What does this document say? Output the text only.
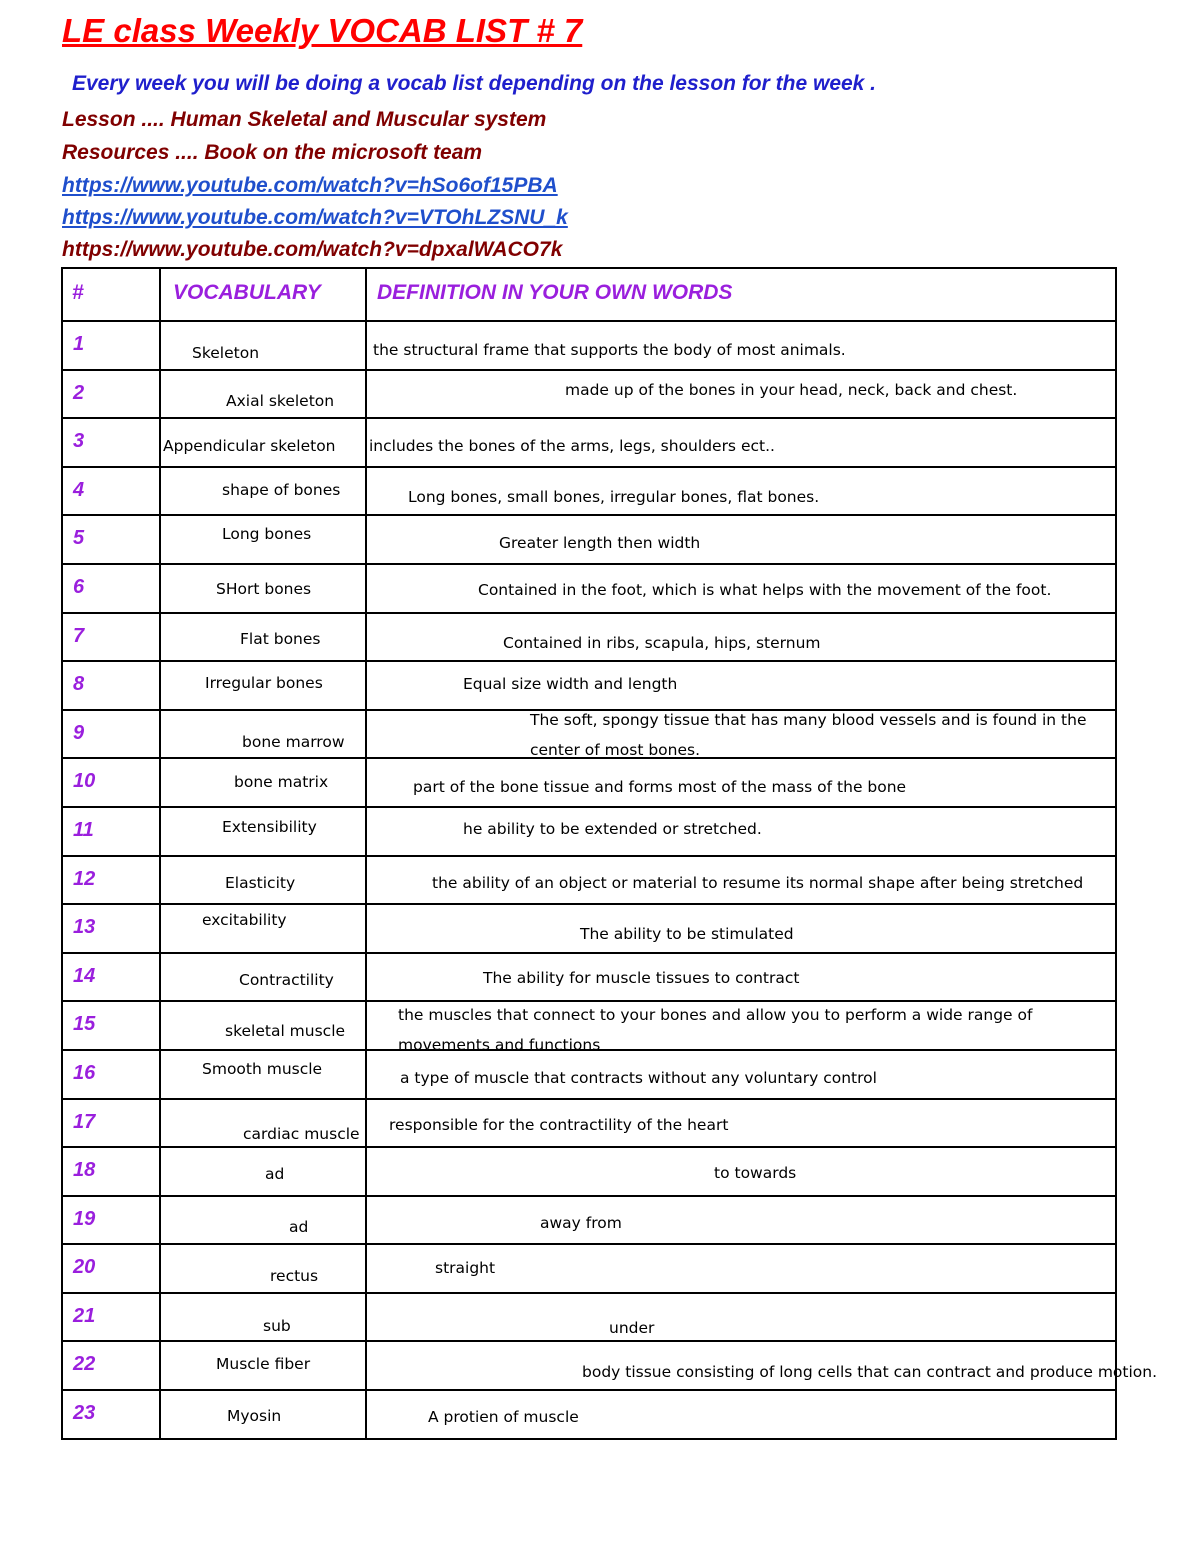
LE class Weekly VOCAB LIST # 7
Every week you will be doing a vocab list depending on the lesson for the week .
Lesson .... Human Skeletal and Muscular system
Resources .... Book on the microsoft team
https://www.youtube.com/watch?v=hSo6of15PBA
https://www.youtube.com/watch?v=VTOhLZSNU_k
https://www.youtube.com/watch?v=dpxalWACO7k
#	VOCABULARY	DEFINITION IN YOUR OWN WORDS

1	Skeleton	the structural frame that supports the body of most animals.

2	Axial skeleton	made up of the bones in your head, neck, back and chest.

3	Appendicular skeleton	includes the bones of the arms, legs, shoulders ect..

4	shape of bones	Long bones, small bones, irregular bones, flat bones.

5	Long bones	Greater length then width

6	SHort bones	Contained in the foot, which is what helps with the movement of the foot.

7	Flat bones	Contained in ribs, scapula, hips, sternum

8	Irregular bones	Equal size width and length

9	bone marrow	The soft, spongy tissue that has many blood vessels and is found in the center of most bones.

10	bone matrix	part of the bone tissue and forms most of the mass of the bone

11	Extensibility	he ability to be extended or stretched.

12	Elasticity	the ability of an object or material to resume its normal shape after being stretched

13	excitability	The ability to be stimulated

14	Contractility	The ability for muscle tissues to contract

15	skeletal muscle	the muscles that connect to your bones and allow you to perform a wide range of movements and functions

16	Smooth muscle	a type of muscle that contracts without any voluntary control

17	cardiac muscle	responsible for the contractility of the heart

18	ad	to towards

19	ad	away from

20	rectus	straight

21	sub	under

22	Muscle fiber	body tissue consisting of long cells that can contract and produce motion.

23	Myosin	A protien of muscle
